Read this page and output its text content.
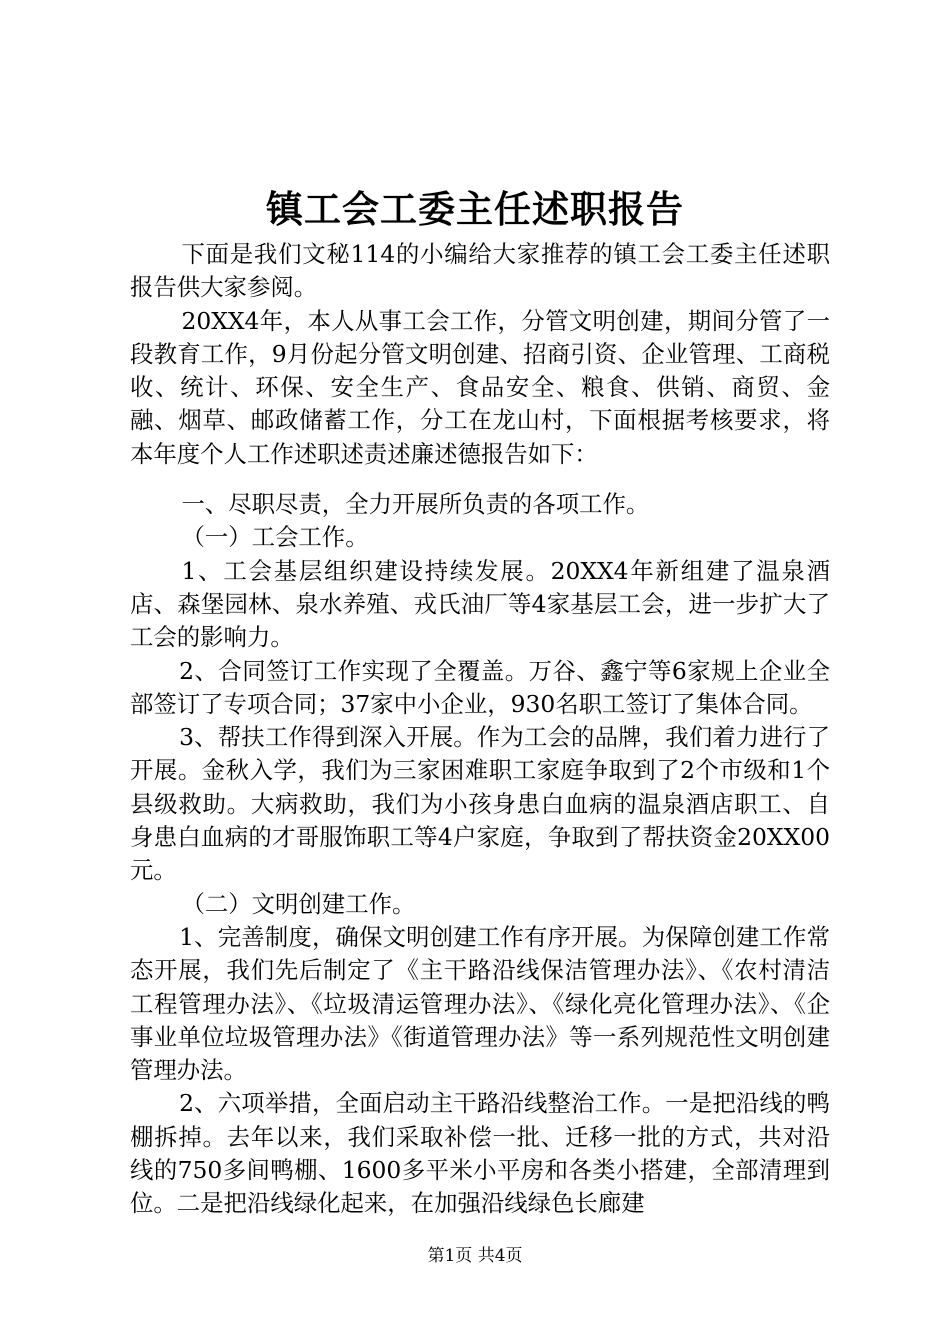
镇工会工委主任述职报告

下面是我们文秘114的小编给大家推荐的镇工会工委主任述职报告供大家参阅。

20XX4年，本人从事工会工作，分管文明创建，期间分管了一段教育工作，9月份起分管文明创建、招商引资、企业管理、工商税收、统计、环保、安全生产、食品安全、粮食、供销、商贸、金融、烟草、邮政储蓄工作，分工在龙山村，下面根据考核要求，将本年度个人工作述职述责述廉述德报告如下：

一、尽职尽责，全力开展所负责的各项工作。

（一）工会工作。

1、工会基层组织建设持续发展。20XX4年新组建了温泉酒店、森堡园林、泉水养殖、戎氏油厂等4家基层工会，进一步扩大了工会的影响力。

2、合同签订工作实现了全覆盖。万谷、鑫宁等6家规上企业全部签订了专项合同；37家中小企业，930名职工签订了集体合同。

3、帮扶工作得到深入开展。作为工会的品牌，我们着力进行了开展。金秋入学，我们为三家困难职工家庭争取到了2个市级和1个县级救助。大病救助，我们为小孩身患白血病的温泉酒店职工、自身患白血病的才哥服饰职工等4户家庭，争取到了帮扶资金20XX00元。

（二）文明创建工作。

1、完善制度，确保文明创建工作有序开展。为保障创建工作常态开展，我们先后制定了《主干路沿线保洁管理办法》、《农村清洁工程管理办法》、《垃圾清运管理办法》、《绿化亮化管理办法》、《企事业单位垃圾管理办法》《街道管理办法》等一系列规范性文明创建管理办法。

2、六项举措，全面启动主干路沿线整治工作。一是把沿线的鸭棚拆掉。去年以来，我们采取补偿一批、迁移一批的方式，共对沿线的750多间鸭棚、1600多平米小平房和各类小搭建，全部清理到位。二是把沿线绿化起来，在加强沿线绿色长廊建

第1页 共4页
